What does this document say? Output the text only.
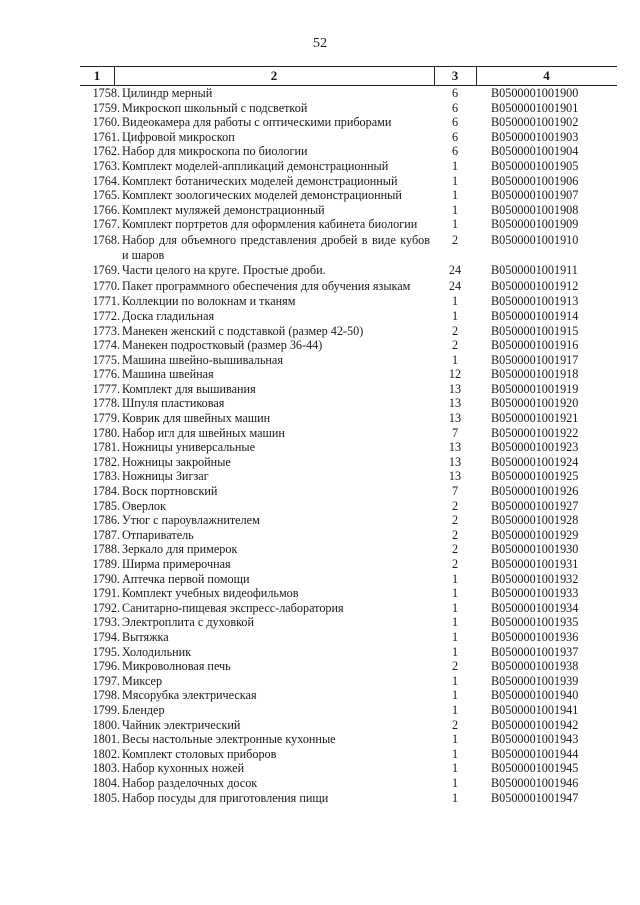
52
1	2	3	4
1758. Цилиндр мерный	6	B0500001001900
1759. Микроскоп школьный с подсветкой	6	B0500001001901
1760. Видеокамера для работы с оптическими приборами	6	B0500001001902
1761. Цифровой микроскоп	6	B0500001001903
1762. Набор для микроскопа по биологии	6	B0500001001904
1763. Комплект моделей-аппликаций демонстрационный	1	B0500001001905
1764. Комплект ботанических моделей демонстрационный	1	B0500001001906
1765. Комплект зоологических моделей демонстрационный	1	B0500001001907
1766. Комплект муляжей демонстрационный	1	B0500001001908
1767. Комплект портретов для оформления кабинета биологии	1	B0500001001909
1768. Набор для объемного представления дробей в виде кубов и шаров
2	B0500001001910
1769. Части целого на круге. Простые дроби.	24 B0500001001911
1770. Пакет программного обеспечения для обучения языкам	24 B0500001001912
1771. Коллекции по волокнам и тканям	1	B0500001001913
1772. Доска гладильная	1	B0500001001914
1773. Манекен женский с подставкой (размер 42-50)	2	B0500001001915
1774. Манекен подростковый (размер 36-44)	2	B0500001001916
1775. Машина швейно-вышивальная	1	B0500001001917
1776. Машина швейная	12 B0500001001918
1777. Комплект для вышивания	13 B0500001001919
1778. Шпуля пластиковая	13 B0500001001920
1779. Коврик для швейных машин	13 B0500001001921
1780. Набор игл для швейных машин	7	B0500001001922
1781. Ножницы универсальные	13 B0500001001923
1782. Ножницы закройные	13 B0500001001924
1783. Ножницы Зигзаг	13 B0500001001925
1784. Воск портновский	7	B0500001001926
1785. Оверлок	2	B0500001001927
1786. Утюг с пароувлажнителем	2	B0500001001928
1787. Отпариватель	2	B0500001001929
1788. Зеркало для примерок	2	B0500001001930
1789. Ширма примерочная	2	B0500001001931
1790. Аптечка первой помощи	1	B0500001001932
1791. Комплект учебных видеофильмов	1	B0500001001933
1792. Санитарно-пищевая экспресс-лаборатория	1	B0500001001934
1793. Электроплита с духовкой	1	B0500001001935
1794. Вытяжка	1	B0500001001936
1795. Холодильник	1	B0500001001937
1796. Микроволновая печь	2	B0500001001938
1797. Миксер	1	B0500001001939
1798. Мясорубка электрическая	1	B0500001001940
1799. Блендер	1	B0500001001941
1800. Чайник электрический	2	B0500001001942
1801. Весы настольные электронные кухонные	1	B0500001001943
1802. Комплект столовых приборов	1	B0500001001944
1803. Набор кухонных ножей	1	B0500001001945
1804. Набор разделочных досок	1	B0500001001946
1805. Набор посуды для приготовления пищи	1	B0500001001947
